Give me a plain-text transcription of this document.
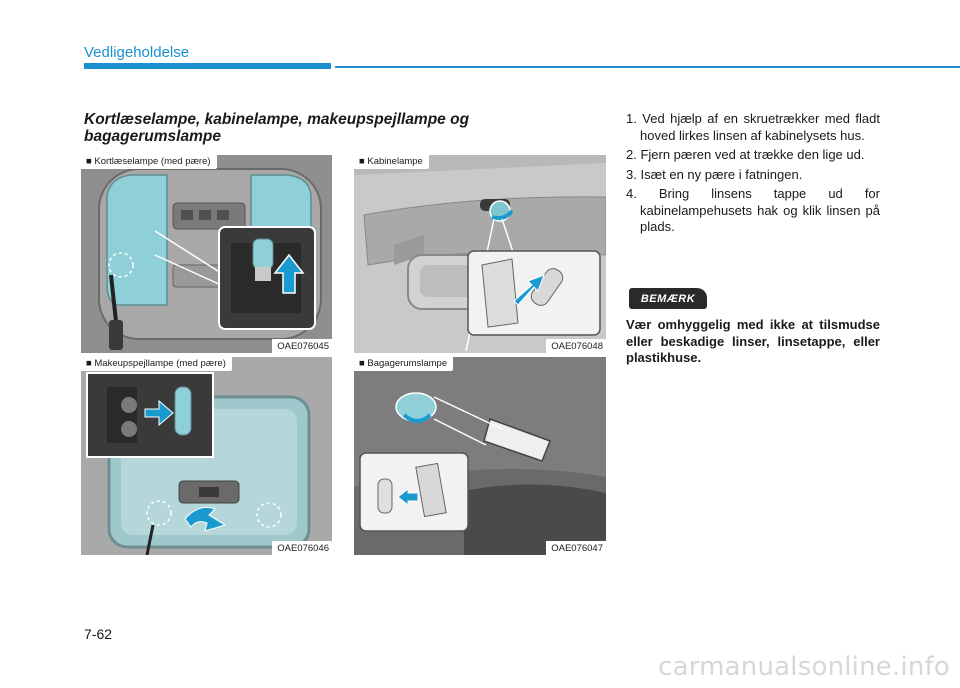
Vedligeholdelse
Kortlæselampe, kabinelampe, makeupspejllampe og bagagerumslampe
■ Kortlæselampe (med pære)
OAE076045
■ Kabinelampe
OAE076048
■ Makeupspejllampe (med pære)
OAE076046
■ Bagagerumslampe
OAE076047
1. Ved hjælp af en skruetrækker med fladt hoved lirkes linsen af kabinelysets hus.
2. Fjern pæren ved at trække den lige ud.
3. Isæt en ny pære i fatningen.
4. Bring linsens tappe ud for kabinelampehusets hak og klik linsen på plads.
BEMÆRK

Vær omhyggelig med ikke at tilsmudse eller beskadige linser, linsetappe, eller plastikhuse.

7-62

carmanualsonline.info
